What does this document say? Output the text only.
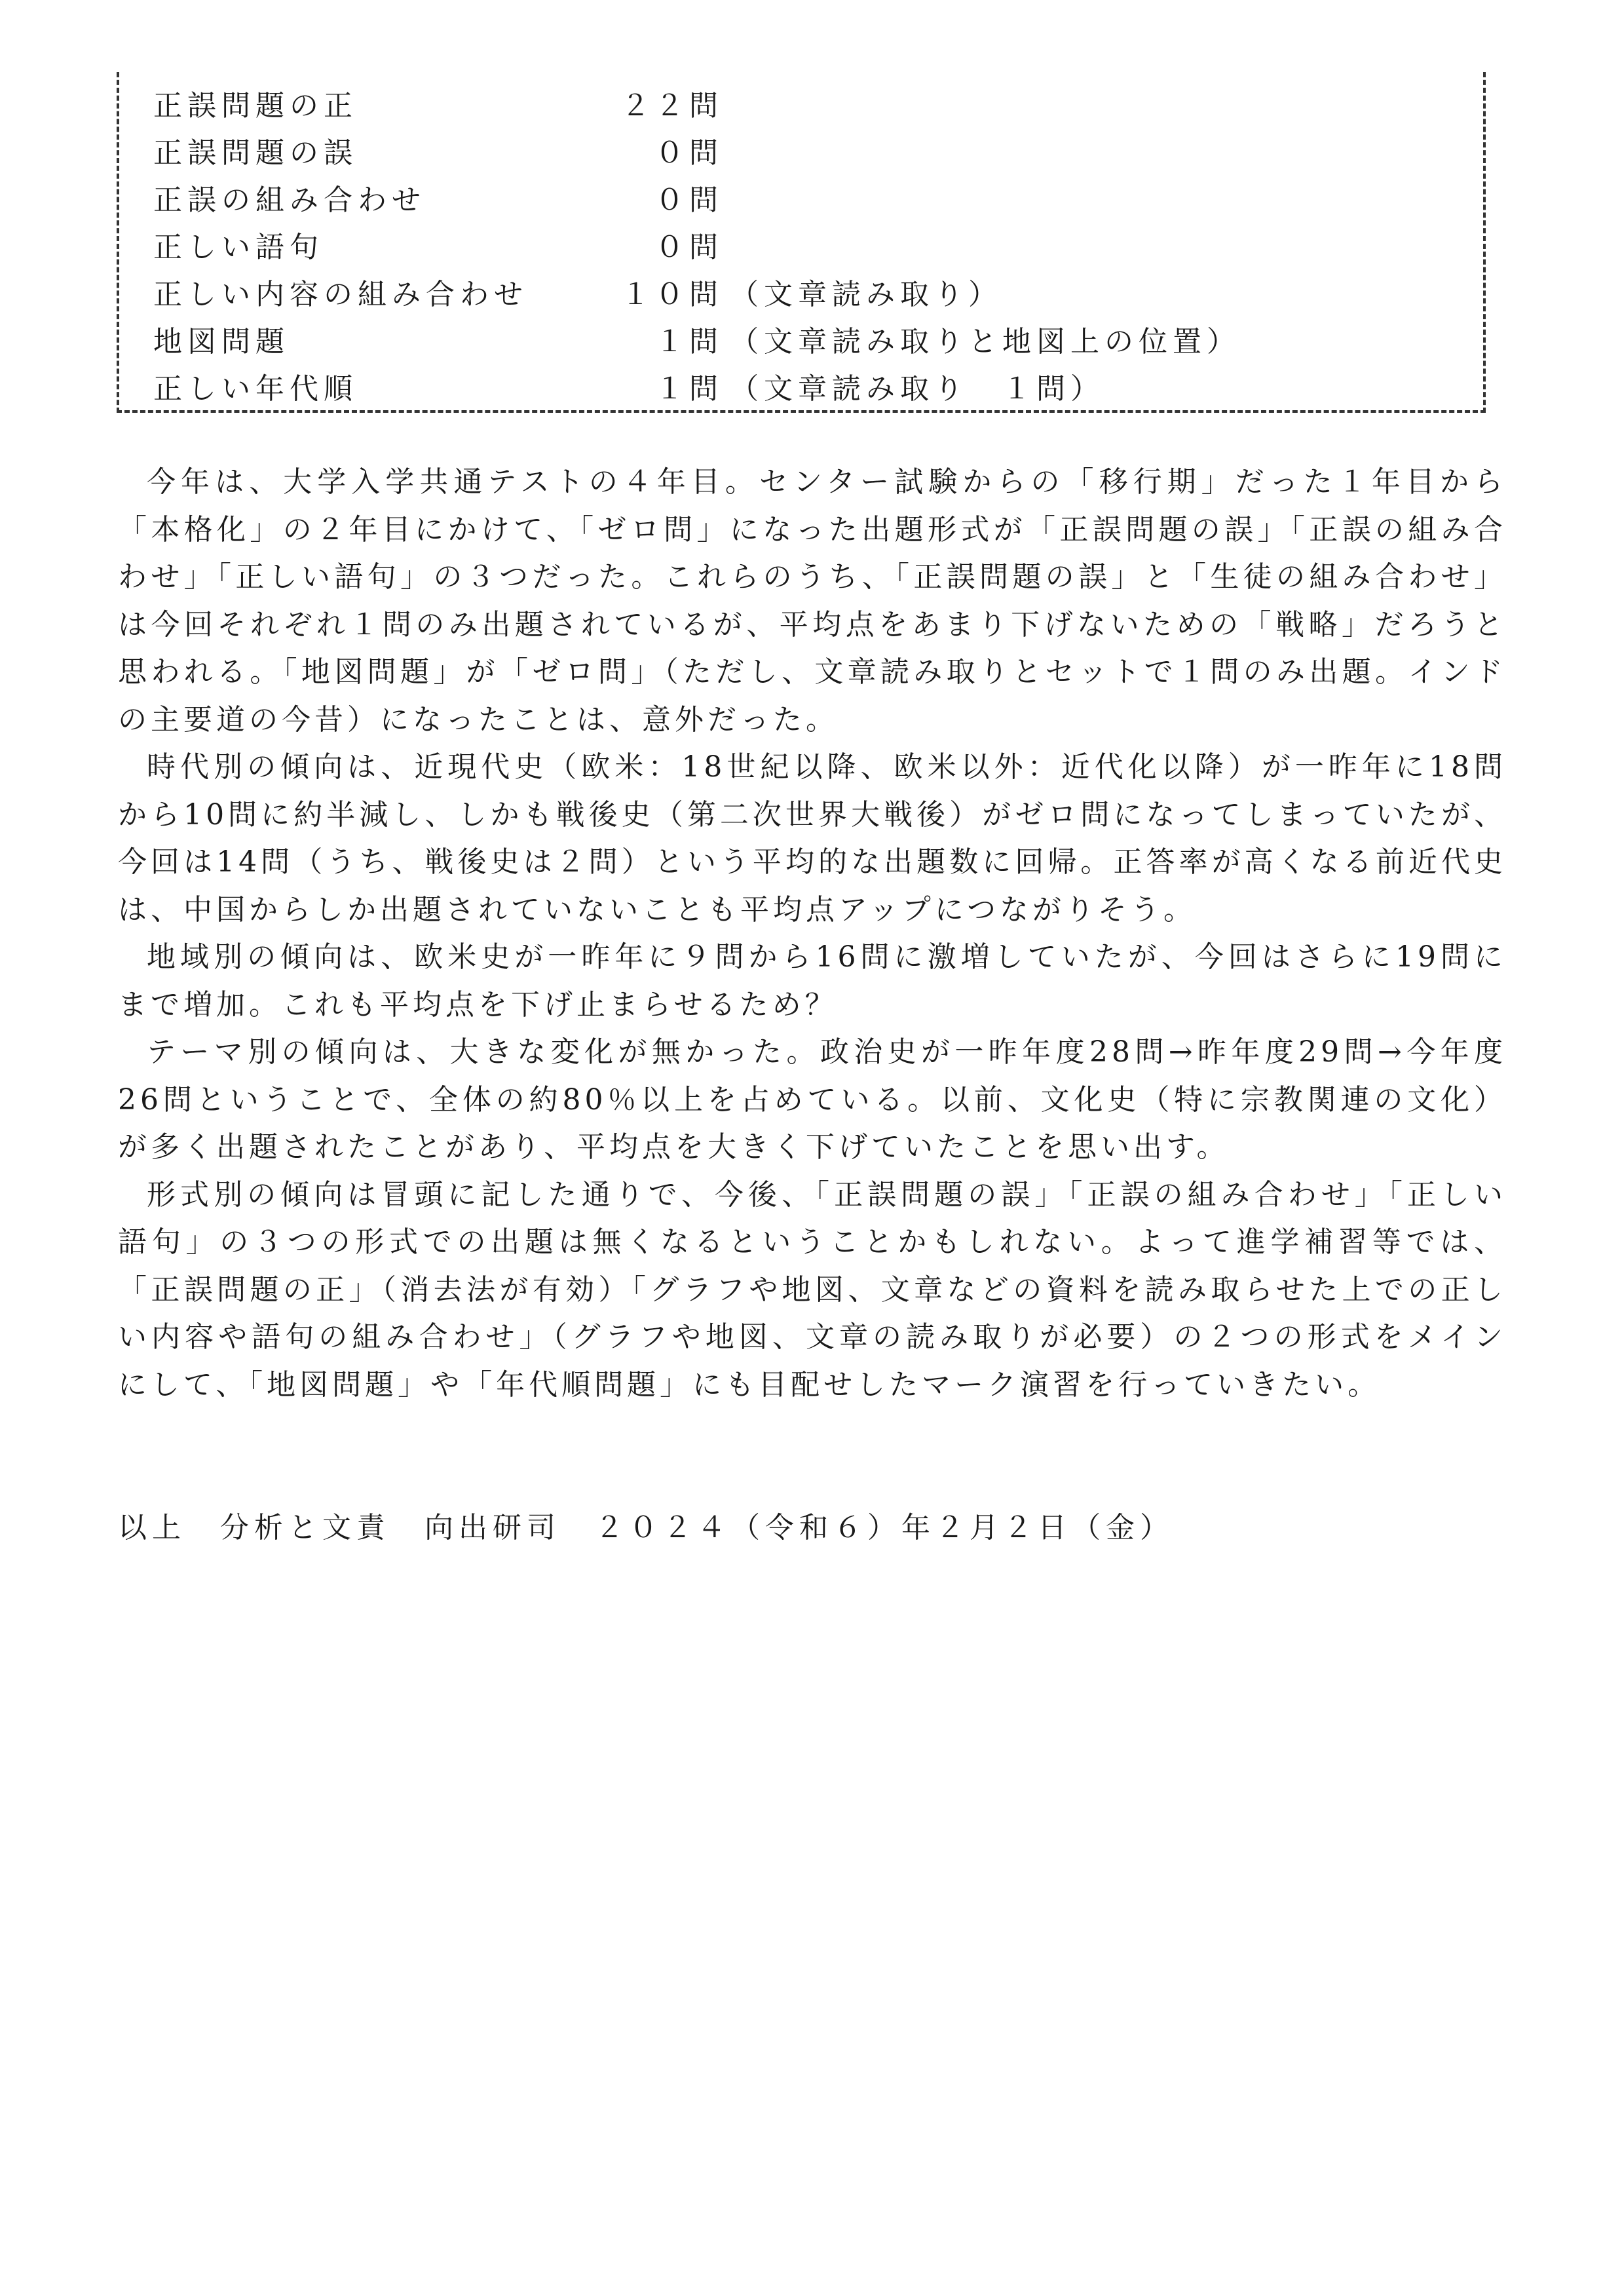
正誤問題の正	２２問
正誤問題の誤	０問
正誤の組み合わせ	０問
正しい語句	０問
正しい内容の組み合わせ	１０問 （文章読み取り）
地図問題	１問 （文章読み取りと地図上の位置）
正しい年代順	１問 （文章読み取り　１問）

今年は、大学入学共通テストの４年目。センター試験からの「移行期」だった１年目から「本格化」の２年目にかけて、「ゼロ問」になった出題形式が「正誤問題の誤」「正誤の組み合わせ」「正しい語句」の３つだった。これらのうち、「正誤問題の誤」と「生徒の組み合わせ」は今回それぞれ１問のみ出題されているが、平均点をあまり下げないための「戦略」だろうと思われる。「地図問題」が「ゼロ問」（ただし、文章読み取りとセットで１問のみ出題。インドの主要道の今昔）になったことは、意外だった。

時代別の傾向は、近現代史（欧米：18世紀以降、欧米以外：近代化以降）が一昨年に18問から10問に約半減し、しかも戦後史（第二次世界大戦後）がゼロ問になってしまっていたが、今回は14問（うち、戦後史は２問）という平均的な出題数に回帰。正答率が高くなる前近代史は、中国からしか出題されていないことも平均点アップにつながりそう。

地域別の傾向は、欧米史が一昨年に９問から16問に激増していたが、今回はさらに19問にまで増加。これも平均点を下げ止まらせるため？

テーマ別の傾向は、大きな変化が無かった。政治史が一昨年度28問→昨年度29問→今年度26問ということで、全体の約80％以上を占めている。以前、文化史（特に宗教関連の文化）が多く出題されたことがあり、平均点を大きく下げていたことを思い出す。

形式別の傾向は冒頭に記した通りで、今後、「正誤問題の誤」「正誤の組み合わせ」「正しい語句」の３つの形式での出題は無くなるということかもしれない。よって進学補習等では、「正誤問題の正」（消去法が有効）「グラフや地図、文章などの資料を読み取らせた上での正しい内容や語句の組み合わせ」（グラフや地図、文章の読み取りが必要）の２つの形式をメインにして、「地図問題」や「年代順問題」にも目配せしたマーク演習を行っていきたい。

以上　分析と文責　向出研司　２０２４（令和６）年２月２日（金）
